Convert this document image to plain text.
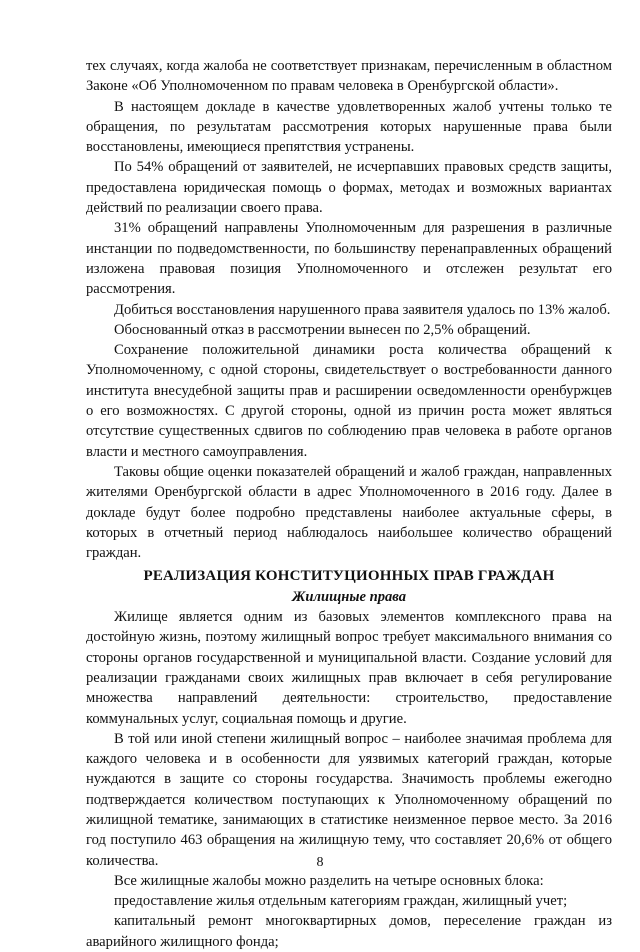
тех случаях, когда жалоба не соответствует признакам, перечисленным в областном Законе «Об Уполномоченном по правам человека в Оренбургской области».

В настоящем докладе в качестве удовлетворенных жалоб учтены только те обращения, по результатам рассмотрения которых нарушенные права были восстановлены, имеющиеся препятствия устранены.

По 54% обращений от заявителей, не исчерпавших правовых средств защиты, предоставлена юридическая помощь о формах, методах и возможных вариантах действий по реализации своего права.

31% обращений направлены Уполномоченным для разрешения в различные инстанции по подведомственности, по большинству перенаправленных обращений изложена правовая позиция Уполномоченного и отслежен результат его рассмотрения.

Добиться восстановления нарушенного права заявителя удалось по 13% жалоб.

Обоснованный отказ в рассмотрении вынесен по 2,5% обращений.

Сохранение положительной динамики роста количества обращений к Уполномоченному, с одной стороны, свидетельствует о востребованности данного института внесудебной защиты прав и расширении осведомленности оренбуржцев о его возможностях. С другой стороны, одной из причин роста может являться отсутствие существенных сдвигов по соблюдению прав человека в работе органов власти и местного самоуправления.

Таковы общие оценки показателей обращений и жалоб граждан, направленных жителями Оренбургской области в адрес Уполномоченного в 2016 году. Далее в докладе будут более подробно представлены наиболее актуальные сферы, в которых в отчетный период наблюдалось наибольшее количество обращений граждан.

РЕАЛИЗАЦИЯ КОНСТИТУЦИОННЫХ ПРАВ ГРАЖДАН
Жилищные права

Жилище является одним из базовых элементов комплексного права на достойную жизнь, поэтому жилищный вопрос требует максимального внимания со стороны органов государственной и муниципальной власти. Создание условий для реализации гражданами своих жилищных прав включает в себя регулирование множества направлений деятельности: строительство, предоставление коммунальных услуг, социальная помощь и другие.

В той или иной степени жилищный вопрос – наиболее значимая проблема для каждого человека и в особенности для уязвимых категорий граждан, которые нуждаются в защите со стороны государства. Значимость проблемы ежегодно подтверждается количеством поступающих к Уполномоченному обращений по жилищной тематике, занимающих в статистике неизменное первое место. За 2016 год поступило 463 обращения на жилищную тему, что составляет 20,6% от общего количества.

Все жилищные жалобы можно разделить на четыре основных блока:

предоставление жилья отдельным категориям граждан, жилищный учет;

капитальный ремонт многоквартирных домов, переселение граждан из аварийного жилищного фонда;

8
